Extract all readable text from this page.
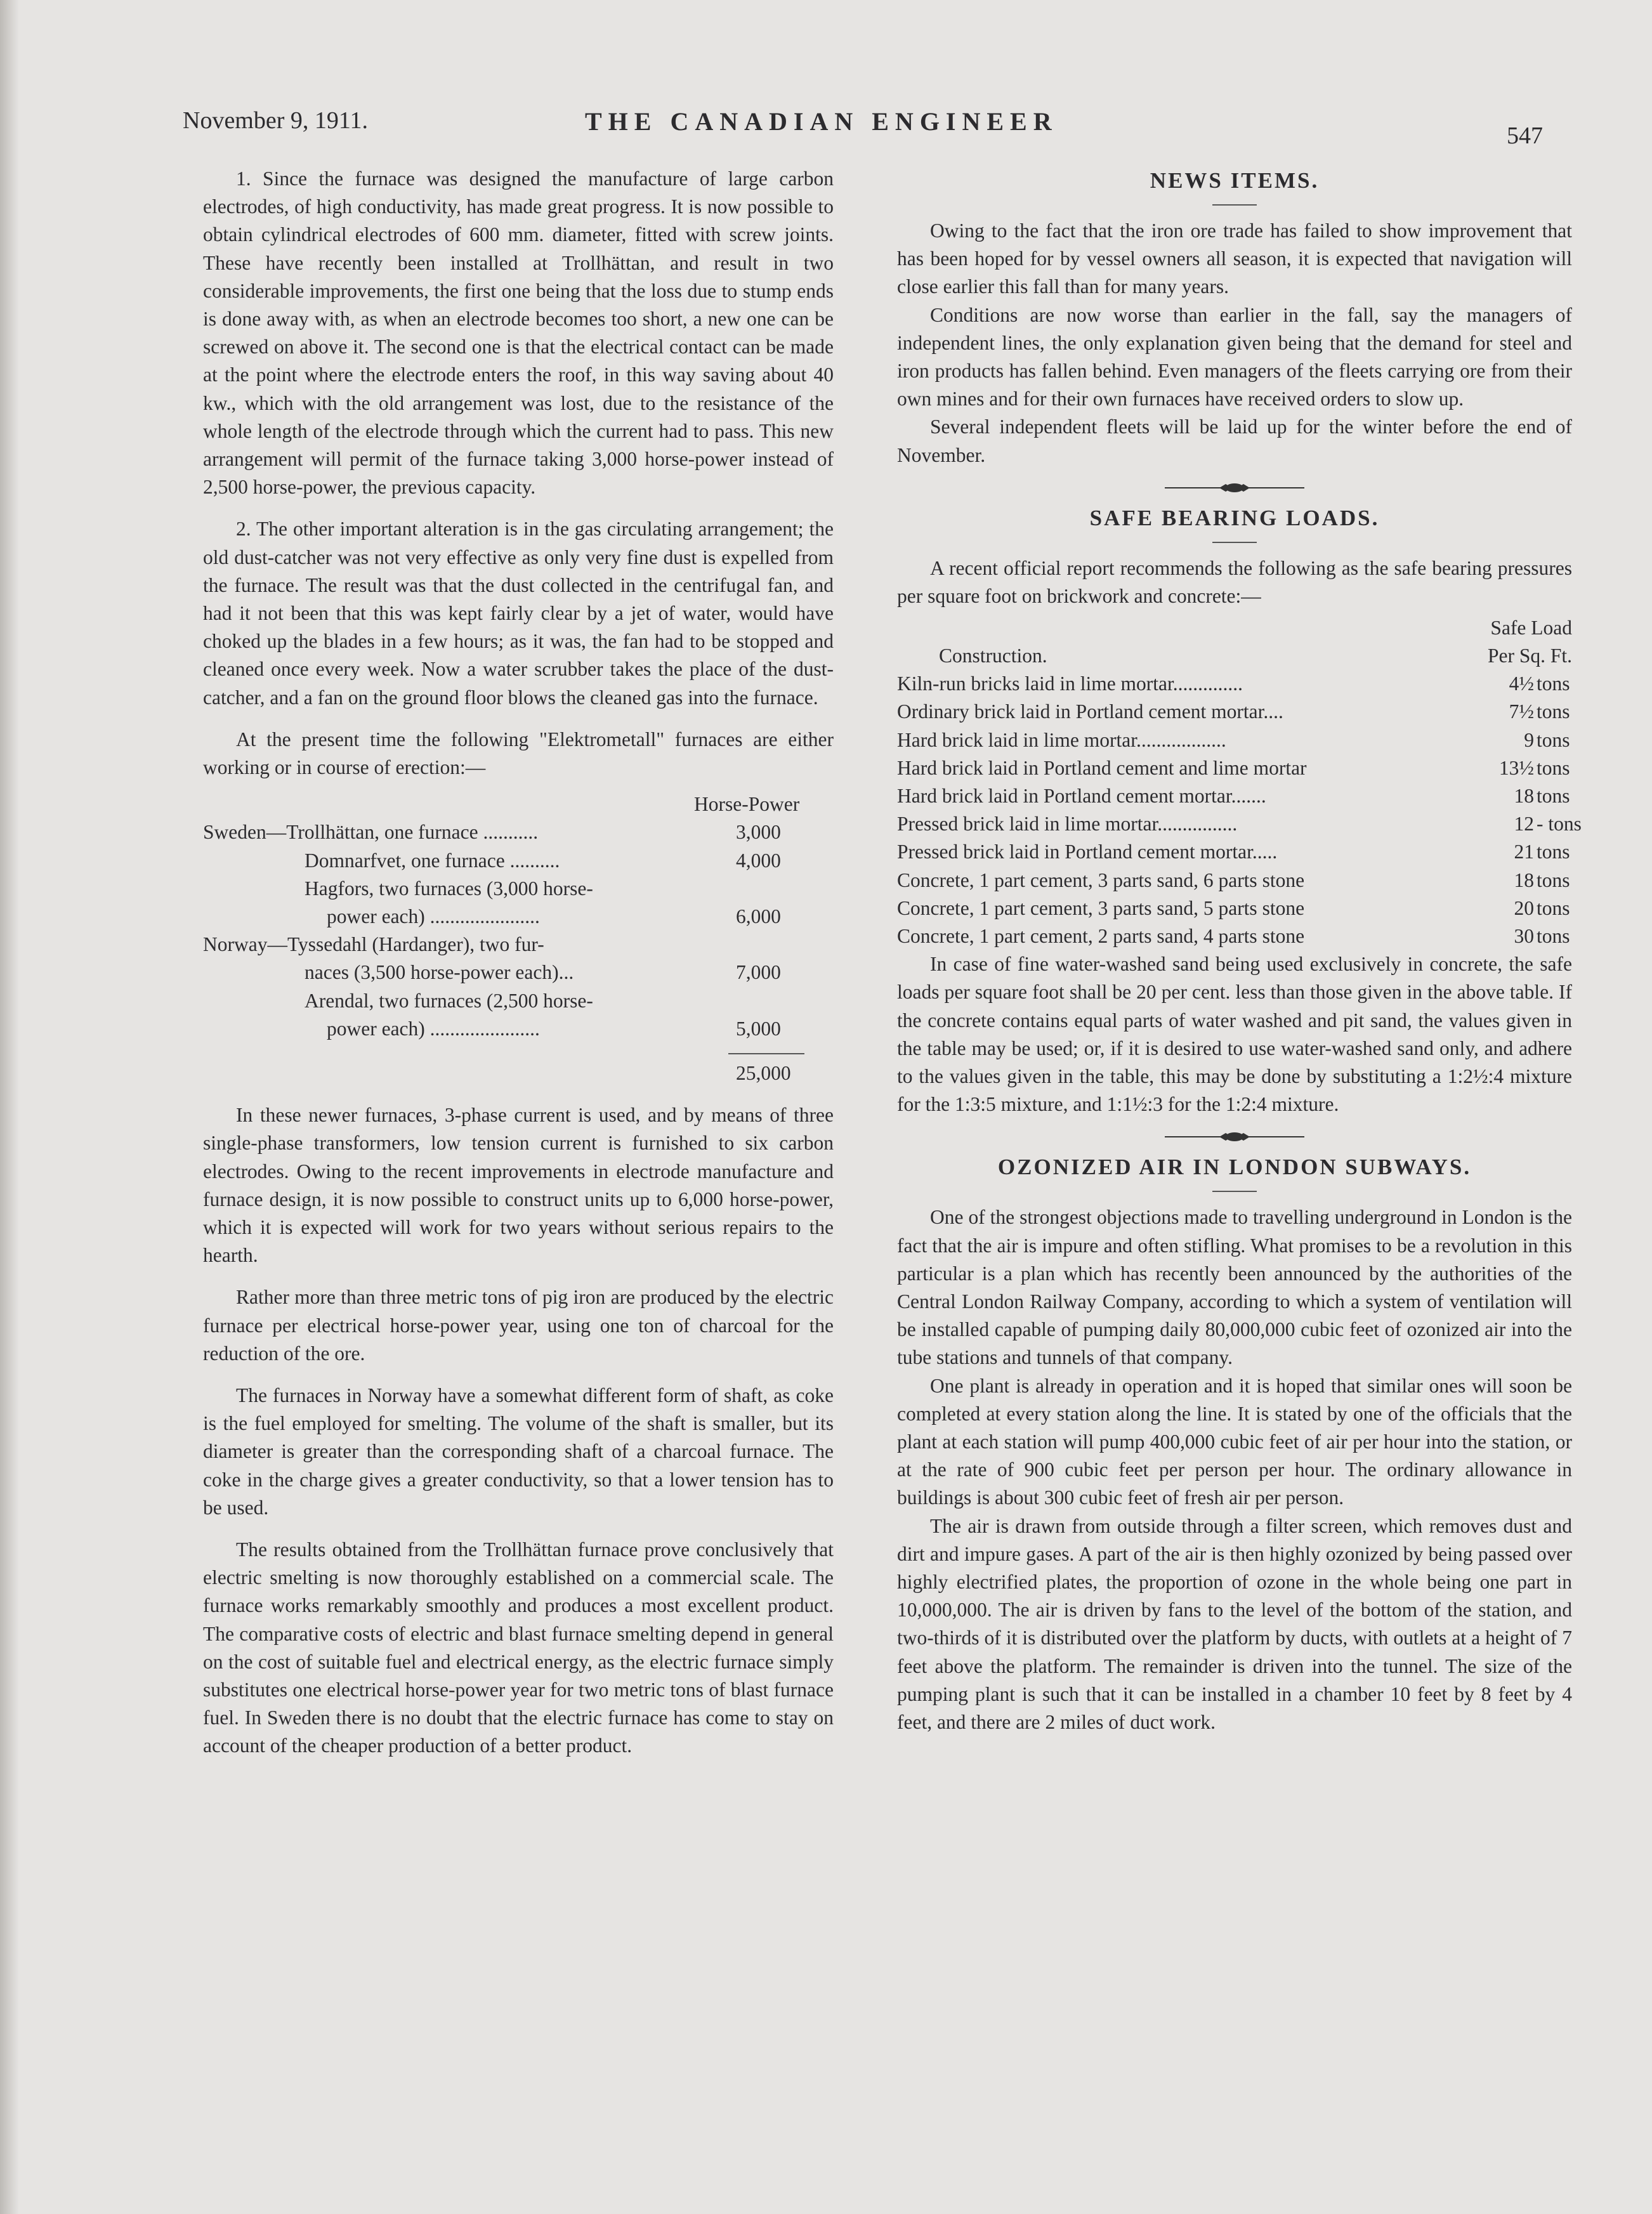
November 9, 1911.	THE CANADIAN ENGINEER	547

1. Since the furnace was designed the manufacture of large carbon electrodes, of high conductivity, has made great progress. It is now possible to obtain cylindrical electrodes of 600 mm. diameter, fitted with screw joints. These have recently been installed at Trollhättan, and result in two considerable improvements, the first one being that the loss due to stump ends is done away with, as when an electrode becomes too short, a new one can be screwed on above it. The second one is that the electrical contact can be made at the point where the electrode enters the roof, in this way saving about 40 kw., which with the old arrangement was lost, due to the resistance of the whole length of the electrode through which the current had to pass. This new arrangement will permit of the furnace taking 3,000 horse-power instead of 2,500 horse-power, the previous capacity.

2. The other important alteration is in the gas circulating arrangement; the old dust-catcher was not very effective as only very fine dust is expelled from the furnace. The result was that the dust collected in the centrifugal fan, and had it not been that this was kept fairly clear by a jet of water, would have choked up the blades in a few hours; as it was, the fan had to be stopped and cleaned once every week. Now a water scrubber takes the place of the dust-catcher, and a fan on the ground floor blows the cleaned gas into the furnace.

At the present time the following "Elektrometall" furnaces are either working or in course of erection:—

Horse-Power
Sweden—Trollhättan, one furnace ...........	3,000
Domnarfvet, one furnace ..........	4,000
Hagfors, two furnaces (3,000 horse-
power each) ......................	6,000
Norway—Tyssedahl (Hardanger), two fur-
naces (3,500 horse-power each)...	7,000
Arendal, two furnaces (2,500 horse-
power each) ......................	5,000
25,000

In these newer furnaces, 3-phase current is used, and by means of three single-phase transformers, low tension current is furnished to six carbon electrodes. Owing to the recent improvements in electrode manufacture and furnace design, it is now possible to construct units up to 6,000 horse-power, which it is expected will work for two years without serious repairs to the hearth.

Rather more than three metric tons of pig iron are produced by the electric furnace per electrical horse-power year, using one ton of charcoal for the reduction of the ore.

The furnaces in Norway have a somewhat different form of shaft, as coke is the fuel employed for smelting. The volume of the shaft is smaller, but its diameter is greater than the corresponding shaft of a charcoal furnace. The coke in the charge gives a greater conductivity, so that a lower tension has to be used.

The results obtained from the Trollhättan furnace prove conclusively that electric smelting is now thoroughly established on a commercial scale. The furnace works remarkably smoothly and produces a most excellent product. The comparative costs of electric and blast furnace smelting depend in general on the cost of suitable fuel and electrical energy, as the electric furnace simply substitutes one electrical horse-power year for two metric tons of blast furnace fuel. In Sweden there is no doubt that the electric furnace has come to stay on account of the cheaper production of a better product.

NEWS ITEMS.

Owing to the fact that the iron ore trade has failed to show improvement that has been hoped for by vessel owners all season, it is expected that navigation will close earlier this fall than for many years.

Conditions are now worse than earlier in the fall, say the managers of independent lines, the only explanation given being that the demand for steel and iron products has fallen behind. Even managers of the fleets carrying ore from their own mines and for their own furnaces have received orders to slow up.

Several independent fleets will be laid up for the winter before the end of November.

SAFE BEARING LOADS.

A recent official report recommends the following as the safe bearing pressures per square foot on brickwork and concrete:—

Safe Load
Construction.	Per Sq. Ft.
Kiln-run bricks laid in lime mortar..............	4½ tons
Ordinary brick laid in Portland cement mortar....	7½ tons
Hard brick laid in lime mortar..................	9 tons
Hard brick laid in Portland cement and lime mortar	13½ tons
Hard brick laid in Portland cement mortar.......	18 tons
Pressed brick laid in lime mortar................	12 - tons
Pressed brick laid in Portland cement mortar.....	21 tons
Concrete, 1 part cement, 3 parts sand, 6 parts stone	18 tons
Concrete, 1 part cement, 3 parts sand, 5 parts stone	20 tons
Concrete, 1 part cement, 2 parts sand, 4 parts stone	30 tons

In case of fine water-washed sand being used exclusively in concrete, the safe loads per square foot shall be 20 per cent. less than those given in the above table. If the concrete contains equal parts of water washed and pit sand, the values given in the table may be used; or, if it is desired to use water-washed sand only, and adhere to the values given in the table, this may be done by substituting a 1:2½:4 mixture for the 1:3:5 mixture, and 1:1½:3 for the 1:2:4 mixture.

OZONIZED AIR IN LONDON SUBWAYS.

One of the strongest objections made to travelling underground in London is the fact that the air is impure and often stifling. What promises to be a revolution in this particular is a plan which has recently been announced by the authorities of the Central London Railway Company, according to which a system of ventilation will be installed capable of pumping daily 80,000,000 cubic feet of ozonized air into the tube stations and tunnels of that company.

One plant is already in operation and it is hoped that similar ones will soon be completed at every station along the line. It is stated by one of the officials that the plant at each station will pump 400,000 cubic feet of air per hour into the station, or at the rate of 900 cubic feet per person per hour. The ordinary allowance in buildings is about 300 cubic feet of fresh air per person.

The air is drawn from outside through a filter screen, which removes dust and dirt and impure gases. A part of the air is then highly ozonized by being passed over highly electrified plates, the proportion of ozone in the whole being one part in 10,000,000. The air is driven by fans to the level of the bottom of the station, and two-thirds of it is distributed over the platform by ducts, with outlets at a height of 7 feet above the platform. The remainder is driven into the tunnel. The size of the pumping plant is such that it can be installed in a chamber 10 feet by 8 feet by 4 feet, and there are 2 miles of duct work.
